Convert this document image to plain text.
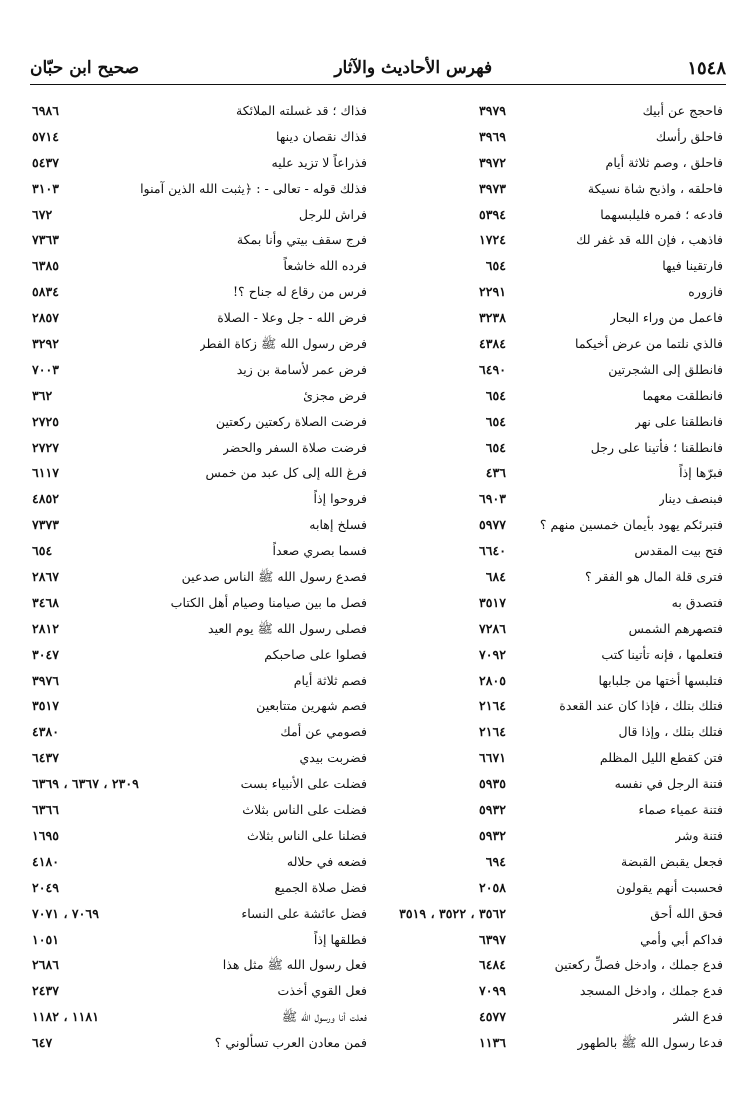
١٥٤٨
فهرس الأحاديث والآثار
صحيح ابن حبّان
فاحجج عن أبيك
٣٩٧٩
فاحلق رأسك
٣٩٦٩
فاحلق ، وصم ثلاثة أيام
٣٩٧٢
فاحلقه ، واذبح شاة نسيكة
٣٩٧٣
فادعه ؛ فمره فليلبسهما
٥٣٩٤
فاذهب ، فإن الله قد غفر لك
١٧٢٤
فارتقينا فيها
٦٥٤
فازوره
٢٢٩١
فاعمل من وراء البحار
٣٢٣٨
فالذي نلتما من عرض أخيكما
٤٣٨٤
فانطلق إلى الشجرتين
٦٤٩٠
فانطلقت معهما
٦٥٤
فانطلقنا على نهر
٦٥٤
فانطلقنا ؛ فأتينا على رجل
٦٥٤
فبرّها إذاً
٤٣٦
فبنصف دينار
٦٩٠٣
فتبرئكم يهود بأيمان خمسين منهم ؟
٥٩٧٧
فتح بيت المقدس
٦٦٤٠
فترى قلة المال هو الفقر ؟
٦٨٤
فتصدق به
٣٥١٧
فتصهرهم الشمس
٧٢٨٦
فتعلمها ، فإنه تأتينا كتب
٧٠٩٢
فتلبسها أختها من جلبابها
٢٨٠٥
فتلك بتلك ، فإذا كان عند القعدة
٢١٦٤
فتلك بتلك ، وإذا قال
٢١٦٤
فتن كقطع الليل المظلم
٦٦٧١
فتنة الرجل في نفسه
٥٩٣٥
فتنة عمياء صماء
٥٩٣٢
فتنة وشر
٥٩٣٢
فجعل يقبض القبضة
٦٩٤
فحسبت أنهم يقولون
٢٠٥٨
فحق الله أحق
٣٥٦٢ ، ٣٥٢٢ ، ٣٥١٩
فداكم أبي وأمي
٦٣٩٧
فدع جملك ، وادخل فصلِّ ركعتين
٦٤٨٤
فدع جملك ، وادخل المسجد
٧٠٩٩
فدع الشر
٤٥٧٧
فدعا رسول الله ﷺ بالطهور
١١٣٦
فذاك ؛ قد غسلته الملائكة
٦٩٨٦
فذاك نقصان دينها
٥٧١٤
فذراعاً لا تزيد عليه
٥٤٣٧
فذلك قوله - تعالى - : ﴿يثبت الله الذين آمنوا
٣١٠٣
فراش للرجل
٦٧٢
فرج سقف بيتي وأنا بمكة
٧٣٦٣
فرده الله خاشعاً
٦٣٨٥
فرس من رقاع له جناح ؟!
٥٨٣٤
فرض الله - جل وعلا - الصلاة
٢٨٥٧
فرض رسول الله ﷺ زكاة الفطر
٣٢٩٢
فرض عمر لأسامة بن زيد
٧٠٠٣
فرض مجزئ
٣٦٢
فرضت الصلاة ركعتين ركعتين
٢٧٢٥
فرضت صلاة السفر والحضر
٢٧٢٧
فرغ الله إلى كل عبد من خمس
٦١١٧
فروحوا إذاً
٤٨٥٢
فسلخ إهابه
٧٣٧٣
فسما بصري صعداً
٦٥٤
فصدع رسول الله ﷺ الناس صدعين
٢٨٦٧
فصل ما بين صيامنا وصيام أهل الكتاب
٣٤٦٨
فصلى رسول الله ﷺ يوم العيد
٢٨١٢
فصلوا على صاحبكم
٣٠٤٧
فصم ثلاثة أيام
٣٩٧٦
فصم شهرين متتابعين
٣٥١٧
فصومي عن أمك
٤٣٨٠
فضربت بيدي
٦٤٣٧
فضلت على الأنبياء بست
٢٣٠٩ ، ٦٣٦٧ ، ٦٣٦٩
فضلت على الناس بثلاث
٦٣٦٦
فضلنا على الناس بثلاث
١٦٩٥
فضعه في حلاله
٤١٨٠
فضل صلاة الجميع
٢٠٤٩
فضل عائشة على النساء
٧٠٦٩ ، ٧٠٧١
فطلقها إذاً
١٠٥١
فعل رسول الله ﷺ مثل هذا
٢٦٨٦
فعل القوي أخذت
٢٤٣٧
فعلت أنا ورسول الله ﷺ
١١٨١ ، ١١٨٢
فمن معادن العرب تسألوني ؟
٦٤٧
